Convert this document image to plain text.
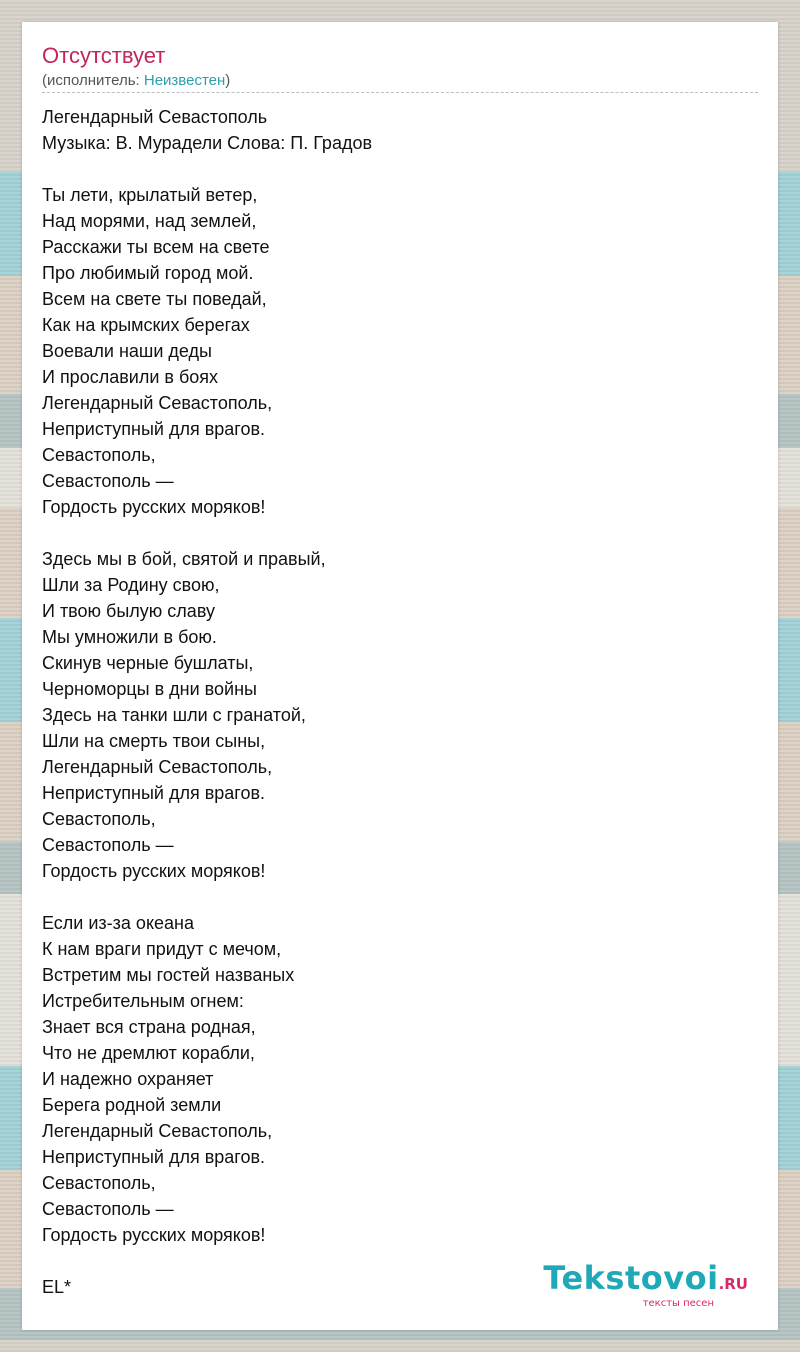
Отсутствует
(исполнитель: Неизвестен)
Легендарный Севастополь
Музыка: В. Мурадели Слова: П. Градов
Ты лети, крылатый ветер,
Над морями, над землей,
Расскажи ты всем на свете
Про любимый город мой.
Всем на свете ты поведай,
Как на крымских берегах
Воевали наши деды
И прославили в боях
Легендарный Севастополь,
Неприступный для врагов.
Севастополь,
Севастополь —
Гордость русских моряков!
Здесь мы в бой, святой и правый,
Шли за Родину свою,
И твою былую славу
Мы умножили в бою.
Скинув черные бушлаты,
Черноморцы в дни войны
Здесь на танки шли с гранатой,
Шли на смерть твои сыны,
Легендарный Севастополь,
Неприступный для врагов.
Севастополь,
Севастополь —
Гордость русских моряков!
Если из-за океана
К нам враги придут с мечом,
Встретим мы гостей названых
Истребительным огнем:
Знает вся страна родная,
Что не дремлют корабли,
И надежно охраняет
Берега родной земли
Легендарный Севастополь,
Неприступный для врагов.
Севастополь,
Севастополь —
Гордость русских моряков!
EL*	Tekstovoi.RU
тексты песен
